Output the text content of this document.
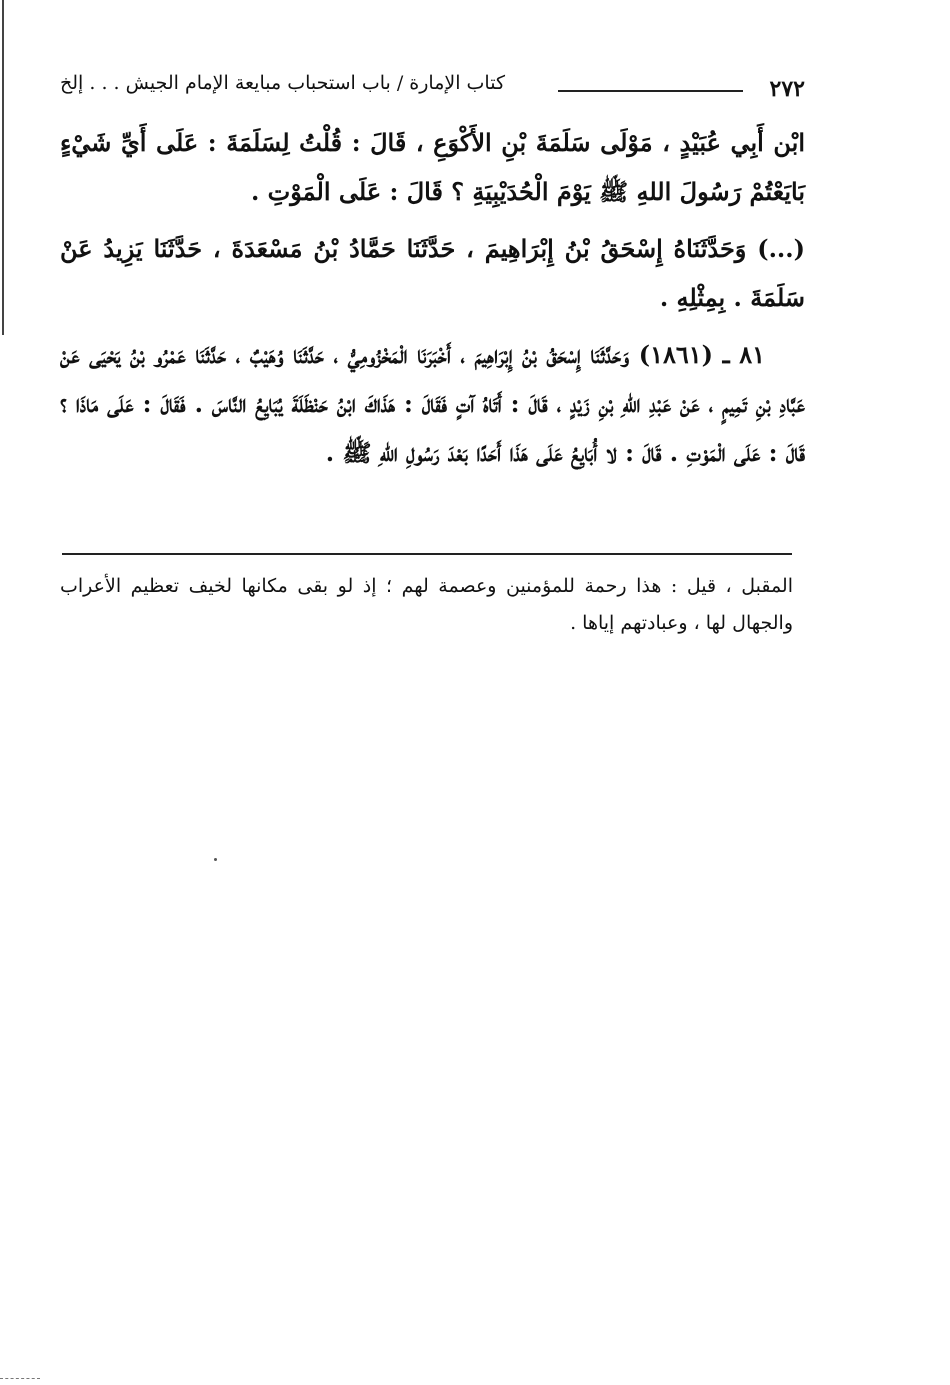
٢٧٢
كتاب الإمارة / باب استحباب مبايعة الإمام الجيش . . . إلخ

ابْن أَبِي عُبَيْدٍ ، مَوْلَى سَلَمَةَ بْنِ الأَكْوَعِ ، قَالَ : قُلْتُ لِسَلَمَةَ : عَلَى أَيِّ شَيْءٍ بَايَعْتُمْ رَسُولَ اللهِ ﷺ يَوْمَ الْحُدَيْبِيَةِ ؟ قَالَ : عَلَى الْمَوْتِ .

(...) وَحَدَّثَنَاهُ إِسْحَقُ بْنُ إِبْرَاهِيمَ ، حَدَّثَنَا حَمَّادُ بْنُ مَسْعَدَةَ ، حَدَّثَنَا يَزِيدُ عَنْ سَلَمَةَ . بِمِثْلِهِ .

٨١ ـ (١٨٦١) وَحَدَّثَنَا إِسْحَقُ بْنُ إِبْرَاهِيمَ ، أَخْبَرَنَا الْمَخْزُومِيُّ ، حَدَّثَنَا وُهَيْبٌ ، حَدَّثَنَا عَمْرُو بْنُ يَحْيَى عَنْ عَبَّادِ بْنِ تَمِيمٍ ، عَنْ عَبْدِ اللهِ بْنِ زَيْدٍ ، قَالَ : أَتَاهُ آتٍ فَقَالَ : هَذَاكَ ابْنُ حَنْظَلَةَ يُبَايِعُ النَّاسَ . فَقَالَ : عَلَى مَاذَا ؟ قَالَ : عَلَى الْمَوْتِ . قَالَ : لا أُبَايِعُ عَلَى هَذَا أَحَدًا بَعْدَ رَسُولِ اللهِ ﷺ .

المقبل ، قيل : هذا رحمة للمؤمنين وعصمة لهم ؛ إذ لو بقى مكانها لخيف تعظيم الأعراب والجهال لها ، وعبادتهم إياها .
